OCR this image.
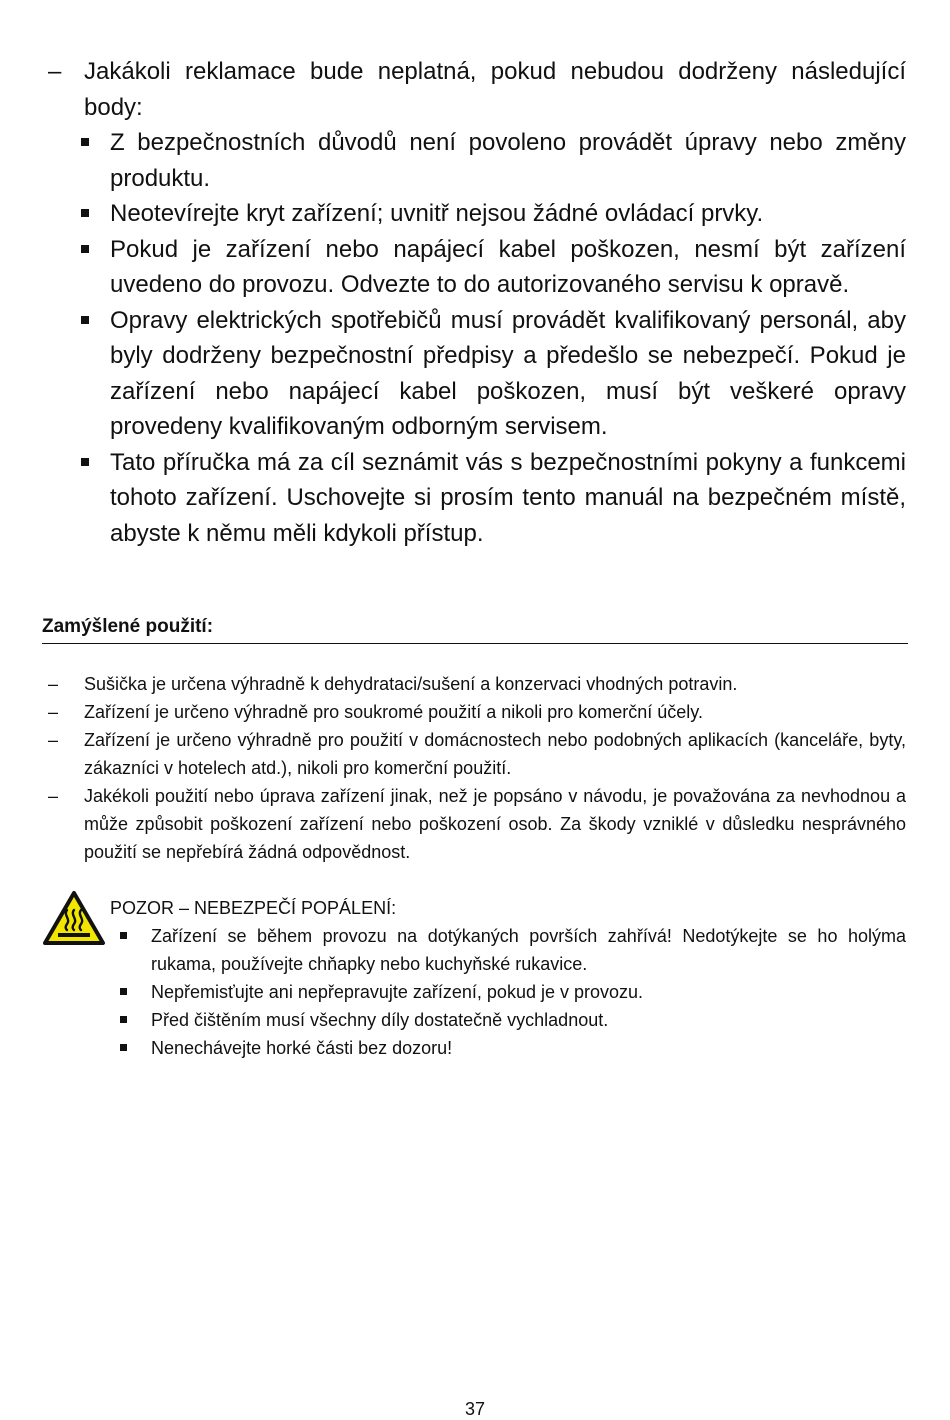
– Jakákoli reklamace bude neplatná, pokud nebudou dodrženy následující body:
Z bezpečnostních důvodů není povoleno provádět úpravy nebo změny produktu.
Neotevírejte kryt zařízení; uvnitř nejsou žádné ovládací prvky.
Pokud je zařízení nebo napájecí kabel poškozen, nesmí být zařízení uvedeno do provozu. Odvezte to do autorizovaného servisu k opravě.
Opravy elektrických spotřebičů musí provádět kvalifikovaný personál, aby byly dodrženy bezpečnostní předpisy a předešlo se nebezpečí. Pokud je zařízení nebo napájecí kabel poškozen, musí být veškeré opravy provedeny kvalifikovaným odborným servisem.
Tato příručka má za cíl seznámit vás s bezpečnostními pokyny a funkcemi tohoto zařízení. Uschovejte si prosím tento manuál na bezpečném místě, abyste k němu měli kdykoli přístup.
Zamýšlené použití:
– Sušička je určena výhradně k dehydrataci/sušení a konzervaci vhodných potravin.
– Zařízení je určeno výhradně pro soukromé použití a nikoli pro komerční účely.
– Zařízení je určeno výhradně pro použití v domácnostech nebo podobných aplikacích (kanceláře, byty, zákazníci v hotelech atd.), nikoli pro komerční použití.
– Jakékoli použití nebo úprava zařízení jinak, než je popsáno v návodu, je považována za nevhodnou a může způsobit poškození zařízení nebo poškození osob. Za škody vzniklé v důsledku nesprávného použití se nepřebírá žádná odpovědnost.
POZOR – NEBEZPEČÍ POPÁLENÍ:
Zařízení se během provozu na dotýkaných površích zahřívá! Nedotýkejte se ho holýma rukama, používejte chňapky nebo kuchyňské rukavice.
Nepřemisťujte ani nepřepravujte zařízení, pokud je v provozu.
Před čištěním musí všechny díly dostatečně vychladnout.
Nenechávejte horké části bez dozoru!
37
